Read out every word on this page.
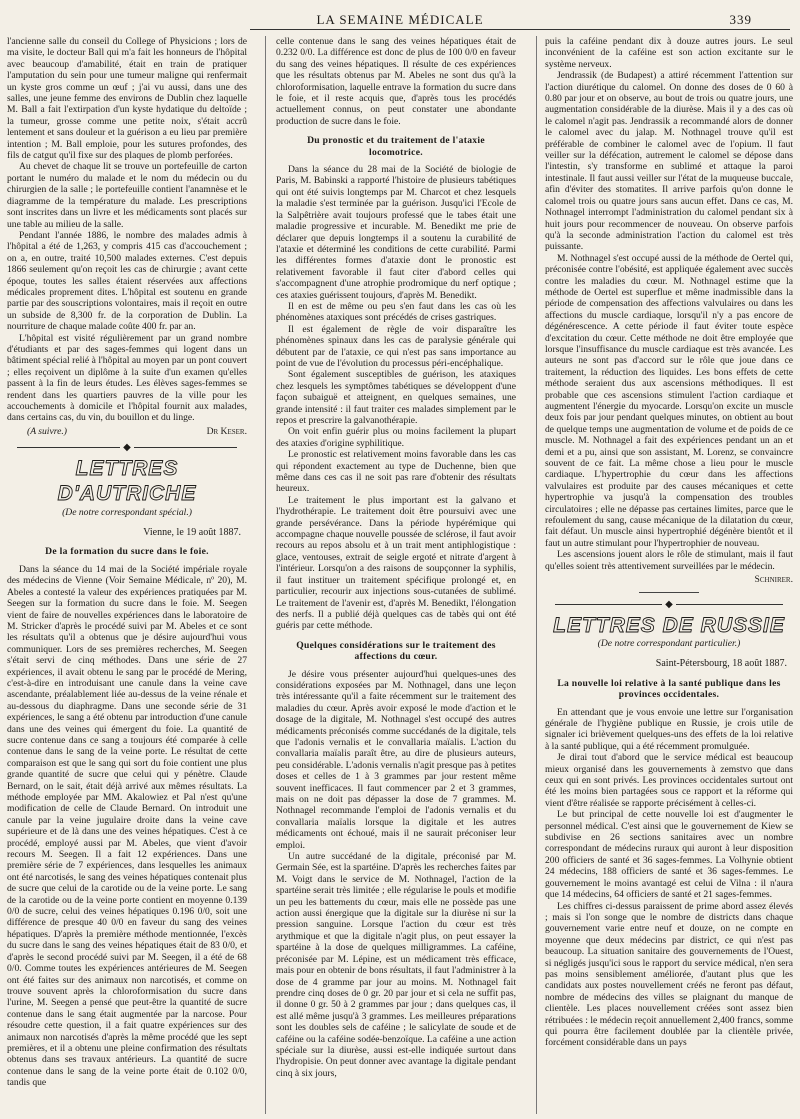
LA SEMAINE MÉDICALE	339

l'ancienne salle du conseil du College of Physicions ; lors de ma visite, le docteur Ball qui m'a fait les honneurs de l'hôpital avec beaucoup d'amabilité, était en train de pratiquer l'amputation du sein pour une tumeur maligne qui renfermait un kyste gros comme un œuf ; j'ai vu aussi, dans une des salles, une jeune femme des environs de Dublin chez laquelle M. Ball a fait l'extirpation d'un kyste hydatique du deltoïde ; la tumeur, grosse comme une petite noix, s'était accrû lentement et sans douleur et la guérison a eu lieu par première intention ; M. Ball emploie, pour les sutures profondes, des fils de catgut qu'il fixe sur des plaques de plomb perforées.

Au chevet de chaque lit se trouve un portefeuille de carton portant le numéro du malade et le nom du médecin ou du chirurgien de la salle ; le portefeuille contient l'anamnèse et le diagramme de la température du malade. Les prescriptions sont inscrites dans un livre et les médicaments sont placés sur une table au milieu de la salle.

Pendant l'année 1886, le nombre des malades admis à l'hôpital a été de 1,263, y compris 415 cas d'accouchement ; on a, en outre, traité 10,500 malades externes. C'est depuis 1866 seulement qu'on reçoit les cas de chirurgie ; avant cette époque, toutes les salles étaient réservées aux affections médicales proprement dites. L'hôpital est soutenu en grande partie par des souscriptions volontaires, mais il reçoit en outre un subside de 8,300 fr. de la corporation de Dublin. La nourriture de chaque malade coûte 400 fr. par an.

L'hôpital est visité régulièrement par un grand nombre d'étudiants et par des sages-femmes qui logent dans un bâtiment spécial relié à l'hôpital au moyen par un pont couvert ; elles reçoivent un diplôme à la suite d'un examen qu'elles passent à la fin de leurs études. Les élèves sages-femmes se rendent dans les quartiers pauvres de la ville pour les accouchements à domicile et l'hôpital fournit aux malades, dans certains cas, du vin, du bouillon et du linge.

(A suivre.)	Dr Keser.
◆
LETTRES D'AUTRICHE
(De notre correspondant spécial.)
Vienne, le 19 août 1887.
De la formation du sucre dans le foie.

Dans la séance du 14 mai de la Société impériale royale des médecins de Vienne (Voir Semaine Médicale, nº 20), M. Abeles a contesté la valeur des expériences pratiquées par M. Seegen sur la formation du sucre dans le foie. M. Seegen vient de faire de nouvelles expériences dans le laboratoire de M. Stricker d'après le procédé suivi par M. Abeles et ce sont les résultats qu'il a obtenus que je désire aujourd'hui vous communiquer. Lors de ses premières recherches, M. Seegen s'était servi de cinq méthodes. Dans une série de 27 expériences, il avait obtenu le sang par le procédé de Mering, c'est-à-dire en introduisant une canule dans la veine cave ascendante, préalablement liée au-dessus de la veine rénale et au-dessous du diaphragme. Dans une seconde série de 31 expériences, le sang a été obtenu par introduction d'une canule dans une des veines qui émergent du foie. La quantité de sucre contenue dans ce sang a toujours été comparée à celle contenue dans le sang de la veine porte. Le résultat de cette comparaison est que le sang qui sort du foie contient une plus grande quantité de sucre que celui qui y pénètre. Claude Bernard, on le sait, était déjà arrivé aux mêmes résultats. La méthode employée par MM. Akalowiez et Pal n'est qu'une modification de celle de Claude Bernard. On introduit une canule par la veine jugulaire droite dans la veine cave supérieure et de là dans une des veines hépatiques. C'est à ce procédé, employé aussi par M. Abeles, que vient d'avoir recours M. Seegen. Il a fait 12 expériences. Dans une première série de 7 expériences, dans lesquelles les animaux ont été narcotisés, le sang des veines hépatiques contenait plus de sucre que celui de la carotide ou de la veine porte. Le sang de la carotide ou de la veine porte contient en moyenne 0.139 0/0 de sucre, celui des veines hépatiques 0.196 0/0, soit une différence de presque 40 0/0 en faveur du sang des veines hépatiques. D'après la première méthode mentionnée, l'excès du sucre dans le sang des veines hépatiques était de 83 0/0, et d'après le second procédé suivi par M. Seegen, il a été de 68 0/0. Comme toutes les expériences antérieures de M. Seegen ont été faites sur des animaux non narcotisés, et comme on trouve souvent après la chloroformisation du sucre dans l'urine, M. Seegen a pensé que peut-être la quantité de sucre contenue dans le sang était augmentée par la narcose. Pour résoudre cette question, il a fait quatre expériences sur des animaux non narcotisés d'après la même procédé que les sept premières, et il a obtenu une pleine confirmation des résultats obtenus dans ses travaux antérieurs. La quantité de sucre contenue dans le sang de la veine porte était de 0.102 0/0, tandis que

celle contenue dans le sang des veines hépatiques était de 0.232 0/0. La différence est donc de plus de 100 0/0 en faveur du sang des veines hépatiques. Il résulte de ces expériences que les résultats obtenus par M. Abeles ne sont dus qu'à la chloroformisation, laquelle entrave la formation du sucre dans le foie, et il reste acquis que, d'après tous les procédés actuellement connus, on peut constater une abondante production de sucre dans le foie.

Du pronostic et du traitement de l'ataxie locomotrice.

Dans la séance du 28 mai de la Société de biologie de Paris, M. Babinski a rapporté l'histoire de plusieurs tabétiques qui ont été suivis longtemps par M. Charcot et chez lesquels la maladie s'est terminée par la guérison. Jusqu'ici l'Ecole de la Salpêtrière avait toujours professé que le tabes était une maladie progressive et incurable. M. Benedikt me prie de déclarer que depuis longtemps il a soutenu la curabilité de l'ataxie et déterminé les conditions de cette curabilité. Parmi les différentes formes d'ataxie dont le pronostic est relativement favorable il faut citer d'abord celles qui s'accompagnent d'une atrophie prodromique du nerf optique ; ces ataxies guérissent toujours, d'après M. Benedikt.

Il en est de même ou peu s'en faut dans les cas où les phénomènes ataxiques sont précédés de crises gastriques.

Il est également de règle de voir disparaître les phénomènes spinaux dans les cas de paralysie générale qui débutent par de l'ataxie, ce qui n'est pas sans importance au point de vue de l'évolution du processus péri-encéphalique.

Sont également susceptibles de guérison, les ataxiques chez lesquels les symptômes tabétiques se développent d'une façon subaiguë et atteignent, en quelques semaines, une grande intensité : il faut traiter ces malades simplement par le repos et prescrire la galvanothérapie.

On voit enfin guérir plus ou moins facilement la plupart des ataxies d'origine syphilitique.

Le pronostic est relativement moins favorable dans les cas qui répondent exactement au type de Duchenne, bien que même dans ces cas il ne soit pas rare d'obtenir des résultats heureux.

Le traitement le plus important est la galvano et l'hydrothérapie. Le traitement doit être poursuivi avec une grande persévérance. Dans la période hypérémique qui accompagne chaque nouvelle poussée de sclérose, il faut avoir recours au repos absolu et à un trait ment antiphlogistique : glace, ventouses, extrait de seigle ergoté et nitrate d'argent à l'intérieur. Lorsqu'on a des raisons de soupçonner la syphilis, il faut instituer un traitement spécifique prolongé et, en particulier, recourir aux injections sous-cutanées de sublimé. Le traitement de l'avenir est, d'après M. Benedikt, l'élongation des nerfs. Il a publié déjà quelques cas de tabès qui ont été guéris par cette méthode.

Quelques considérations sur le traitement des affections du cœur.

Je désire vous présenter aujourd'hui quelques-unes des considérations exposées par M. Nothnagel, dans une leçon très intéressante qu'il a faite récemment sur le traitement des maladies du cœur. Après avoir exposé le mode d'action et le dosage de la digitale, M. Nothnagel s'est occupé des autres médicaments préconisés comme succédanés de la digitale, tels que l'adonis vernalis et le convallaria maïalis. L'action du convallaria maïalis paraît être, au dire de plusieurs auteurs, peu considérable. L'adonis vernalis n'agit presque pas à petites doses et celles de 1 à 3 grammes par jour restent même souvent inefficaces. Il faut commencer par 2 et 3 grammes, mais on ne doit pas dépasser la dose de 7 grammes. M. Nothnagel recommande l'emploi de l'adonis vernalis et du convallaria maïalis lorsque la digitale et les autres médicaments ont échoué, mais il ne saurait préconiser leur emploi.

Un autre succédané de la digitale, préconisé par M. Germain Sée, est la spartéine. D'après les recherches faites par M. Voigt dans le service de M. Nothnagel, l'action de la spartéine serait très limitée ; elle régularise le pouls et modifie un peu les battements du cœur, mais elle ne possède pas une action aussi énergique que la digitale sur la diurèse ni sur la pression sanguine. Lorsque l'action du cœur est très arythmique et que la digitale n'agit plus, on peut essayer la spartéine à la dose de quelques milligrammes. La caféine, préconisée par M. Lépine, est un médicament très efficace, mais pour en obtenir de bons résultats, il faut l'administrer à la dose de 4 gramme par jour au moins. M. Nothnagel fait prendre cinq doses de 0 gr. 20 par jour et si cela ne suffit pas, il donne 0 gr. 50 à 2 grammes par jour ; dans quelques cas, il est allé même jusqu'à 3 grammes. Les meilleures préparations sont les doubles sels de caféine ; le salicylate de soude et de caféine ou la caféine sodée-benzoïque. La caféine a une action spéciale sur la diurèse, aussi est-elle indiquée surtout dans l'hydropisie. On peut donner avec avantage la digitale pendant cinq à six jours,

puis la caféine pendant dix à douze autres jours. Le seul inconvénient de la caféine est son action excitante sur le système nerveux.

Jendrassik (de Budapest) a attiré récemment l'attention sur l'action diurétique du calomel. On donne des doses de 0 60 à 0.80 par jour et on observe, au bout de trois ou quatre jours, une augmentation considérable de la diurèse. Mais il y a des cas où le calomel n'agit pas. Jendrassik a recommandé alors de donner le calomel avec du jalap. M. Nothnagel trouve qu'il est préférable de combiner le calomel avec de l'opium. Il faut veiller sur la défécation, autrement le calomel se dépose dans l'intestin, s'y transforme en sublimé et attaque la paroi intestinale. Il faut aussi veiller sur l'état de la muqueuse buccale, afin d'éviter des stomatites. Il arrive parfois qu'on donne le calomel trois ou quatre jours sans aucun effet. Dans ce cas, M. Nothnagel interrompt l'administration du calomel pendant six à huit jours pour recommencer de nouveau. On observe parfois qu'à la seconde administration l'action du calomel est très puissante.

M. Nothnagel s'est occupé aussi de la méthode de Oertel qui, préconisée contre l'obésité, est appliquée également avec succès contre les maladies du cœur. M. Nothnagel estime que la méthode de Oertel est superflue et même inadmissible dans la période de compensation des affections valvulaires ou dans les affections du muscle cardiaque, lorsqu'il n'y a pas encore de dégénérescence. A cette période il faut éviter toute espèce d'excitation du cœur. Cette méthode ne doit être employée que lorsque l'insuffisance du muscle cardiaque est très avancée. Les auteurs ne sont pas d'accord sur le rôle que joue dans ce traitement, la réduction des liquides. Les bons effets de cette méthode seraient dus aux ascensions méthodiques. Il est probable que ces ascensions stimulent l'action cardiaque et augmentent l'énergie du myocarde. Lorsqu'on excite un muscle deux fois par jour pendant quelques minutes, on obtient au bout de quelque temps une augmentation de volume et de poids de ce muscle. M. Nothnagel a fait des expériences pendant un an et demi et a pu, ainsi que son assistant, M. Lorenz, se convaincre souvent de ce fait. La même chose a lieu pour le muscle cardiaque. L'hypertrophie du cœur dans les affections valvulaires est produite par des causes mécaniques et cette hypertrophie va jusqu'à la compensation des troubles circulatoires ; elle ne dépasse pas certaines limites, parce que le refoulement du sang, cause mécanique de la dilatation du cœur, fait défaut. Un muscle ainsi hypertrophié dégénère bientôt et il faut un autre stimulant pour l'hypertrophier de nouveau.

Les ascensions jouent alors le rôle de stimulant, mais il faut qu'elles soient très attentivement surveillées par le médecin.

Schnirer.
◆
LETTRES DE RUSSIE
(De notre correspondant particulier.)
Saint-Pétersbourg, 18 août 1887.
La nouvelle loi relative à la santé publique dans les provinces occidentales.

En attendant que je vous envoie une lettre sur l'organisation générale de l'hygiène publique en Russie, je crois utile de signaler ici brièvement quelques-uns des effets de la loi relative à la santé publique, qui a été récemment promulguée.

Je dirai tout d'abord que le service médical est beaucoup mieux organisé dans les gouvernements à zemstvo que dans ceux qui en sont privés. Les provinces occidentales surtout ont été les moins bien partagées sous ce rapport et la réforme qui vient d'être réalisée se rapporte précisément à celles-ci.

Le but principal de cette nouvelle loi est d'augmenter le personnel médical. C'est ainsi que le gouvernement de Kiew se subdivise en 26 sections sanitaires avec un nombre correspondant de médecins ruraux qui auront à leur disposition 200 officiers de santé et 36 sages-femmes. La Volhynie obtient 24 médecins, 188 officiers de santé et 36 sages-femmes. Le gouvernement le moins avantagé est celui de Vilna : il n'aura que 14 médecins, 64 officiers de santé et 21 sages-femmes.

Les chiffres ci-dessus paraissent de prime abord assez élevés ; mais si l'on songe que le nombre de districts dans chaque gouvernement varie entre neuf et douze, on ne compte en moyenne que deux médecins par district, ce qui n'est pas beaucoup. La situation sanitaire des gouvernements de l'Ouest, si négligés jusqu'ici sous le rapport du service médical, n'en sera pas moins sensiblement améliorée, d'autant plus que les candidats aux postes nouvellement créés ne feront pas défaut, nombre de médecins des villes se plaignant du manque de clientèle. Les places nouvellement créées sont assez bien rétribuées : le médecin reçoit annuellement 2,400 francs, somme qui pourra être facilement doublée par la clientèle privée, forcément considérable dans un pays
